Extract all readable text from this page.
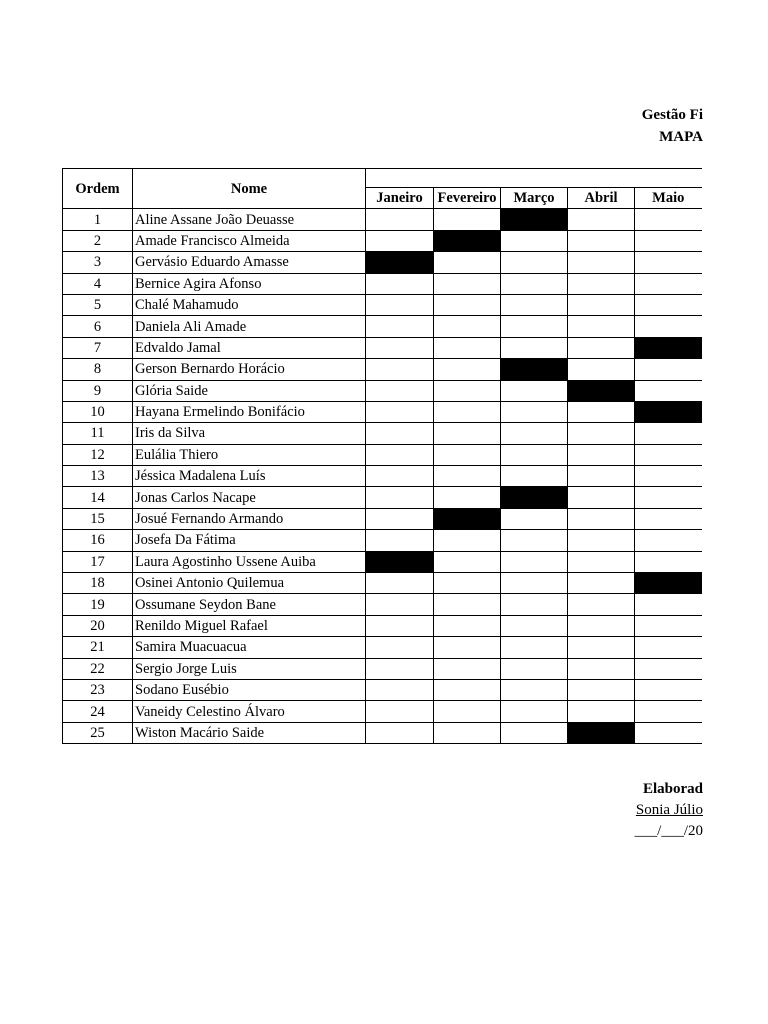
Gestão Fi
MAPA
Ordem	Nome					
		Janeiro	Fevereiro	Março	Abril	Maio
1	Aline Assane João Deuasse					
2	Amade Francisco Almeida					
3	Gervásio Eduardo Amasse					
4	Bernice Agira Afonso					
5	Chalé Mahamudo					
6	Daniela Ali Amade					
7	Edvaldo Jamal					
8	Gerson Bernardo Horácio					
9	Glória Saide					
10	Hayana Ermelindo Bonifácio					
11	Iris da Silva					
12	Eulália Thiero					
13	Jéssica Madalena Luís					
14	Jonas Carlos Nacape					
15	Josué Fernando Armando					
16	Josefa Da Fátima					
17	Laura Agostinho Ussene Auiba					
18	Osinei Antonio Quilemua					
19	Ossumane Seydon Bane					
20	Renildo Miguel Rafael					
21	Samira Muacuacua					
22	Sergio Jorge Luis					
23	Sodano Eusébio					
24	Vaneidy Celestino Álvaro					
25	Wiston Macário Saide					
Elaborad
Sonia Júlio
___/___/20
